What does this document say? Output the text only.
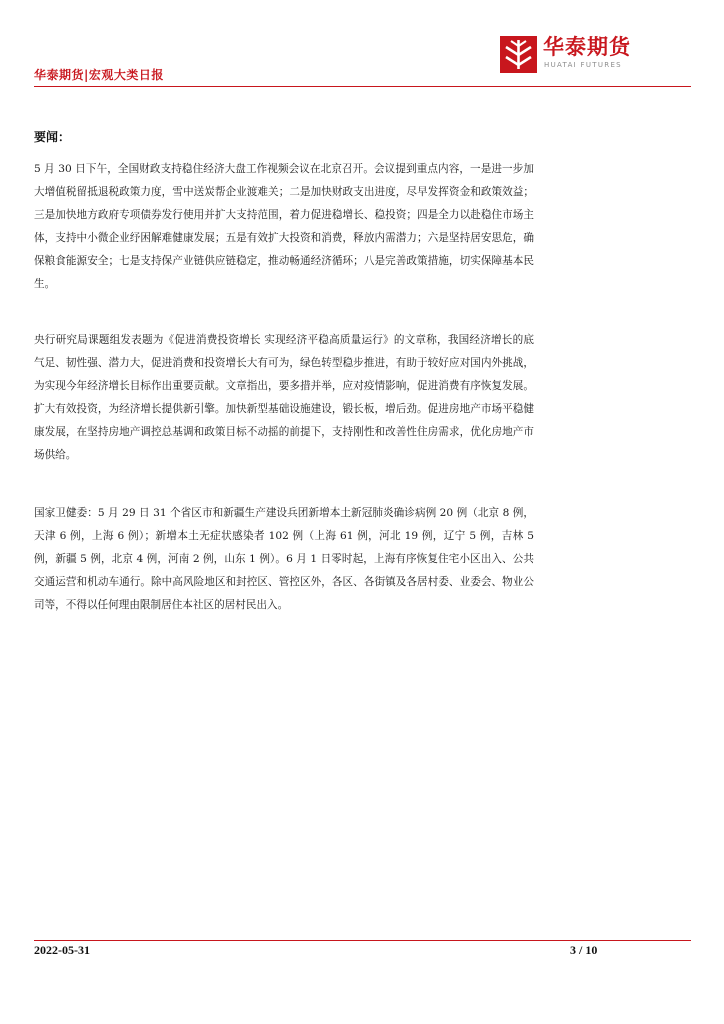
华泰期货|宏观大类日报
华泰期货
HUATAI FUTURES
要闻：
5 月 30 日下午，全国财政支持稳住经济大盘工作视频会议在北京召开。会议提到重点内容，一是进一步加大增值税留抵退税政策力度，雪中送炭帮企业渡难关；二是加快财政支出进度，尽早发挥资金和政策效益；三是加快地方政府专项债券发行使用并扩大支持范围，着力促进稳增长、稳投资；四是全力以赴稳住市场主体，支持中小微企业纾困解难健康发展；五是有效扩大投资和消费，释放内需潜力；六是坚持居安思危，确保粮食能源安全；七是支持保产业链供应链稳定，推动畅通经济循环；八是完善政策措施，切实保障基本民生。
央行研究局课题组发表题为《促进消费投资增长 实现经济平稳高质量运行》的文章称，我国经济增长的底气足、韧性强、潜力大，促进消费和投资增长大有可为，绿色转型稳步推进，有助于较好应对国内外挑战，为实现今年经济增长目标作出重要贡献。文章指出，要多措并举，应对疫情影响，促进消费有序恢复发展。扩大有效投资，为经济增长提供新引擎。加快新型基础设施建设，锻长板，增后劲。促进房地产市场平稳健康发展，在坚持房地产调控总基调和政策目标不动摇的前提下，支持刚性和改善性住房需求，优化房地产市场供给。
国家卫健委：5 月 29 日 31 个省区市和新疆生产建设兵团新增本土新冠肺炎确诊病例 20 例（北京 8 例，天津 6 例，上海 6 例）；新增本土无症状感染者 102 例（上海 61 例，河北 19 例，辽宁 5 例，吉林 5 例，新疆 5 例，北京 4 例，河南 2 例，山东 1 例）。6 月 1 日零时起，上海有序恢复住宅小区出入、公共交通运营和机动车通行。除中高风险地区和封控区、管控区外，各区、各街镇及各居村委、业委会、物业公司等，不得以任何理由限制居住本社区的居村民出入。
2022-05-31	3 / 10
